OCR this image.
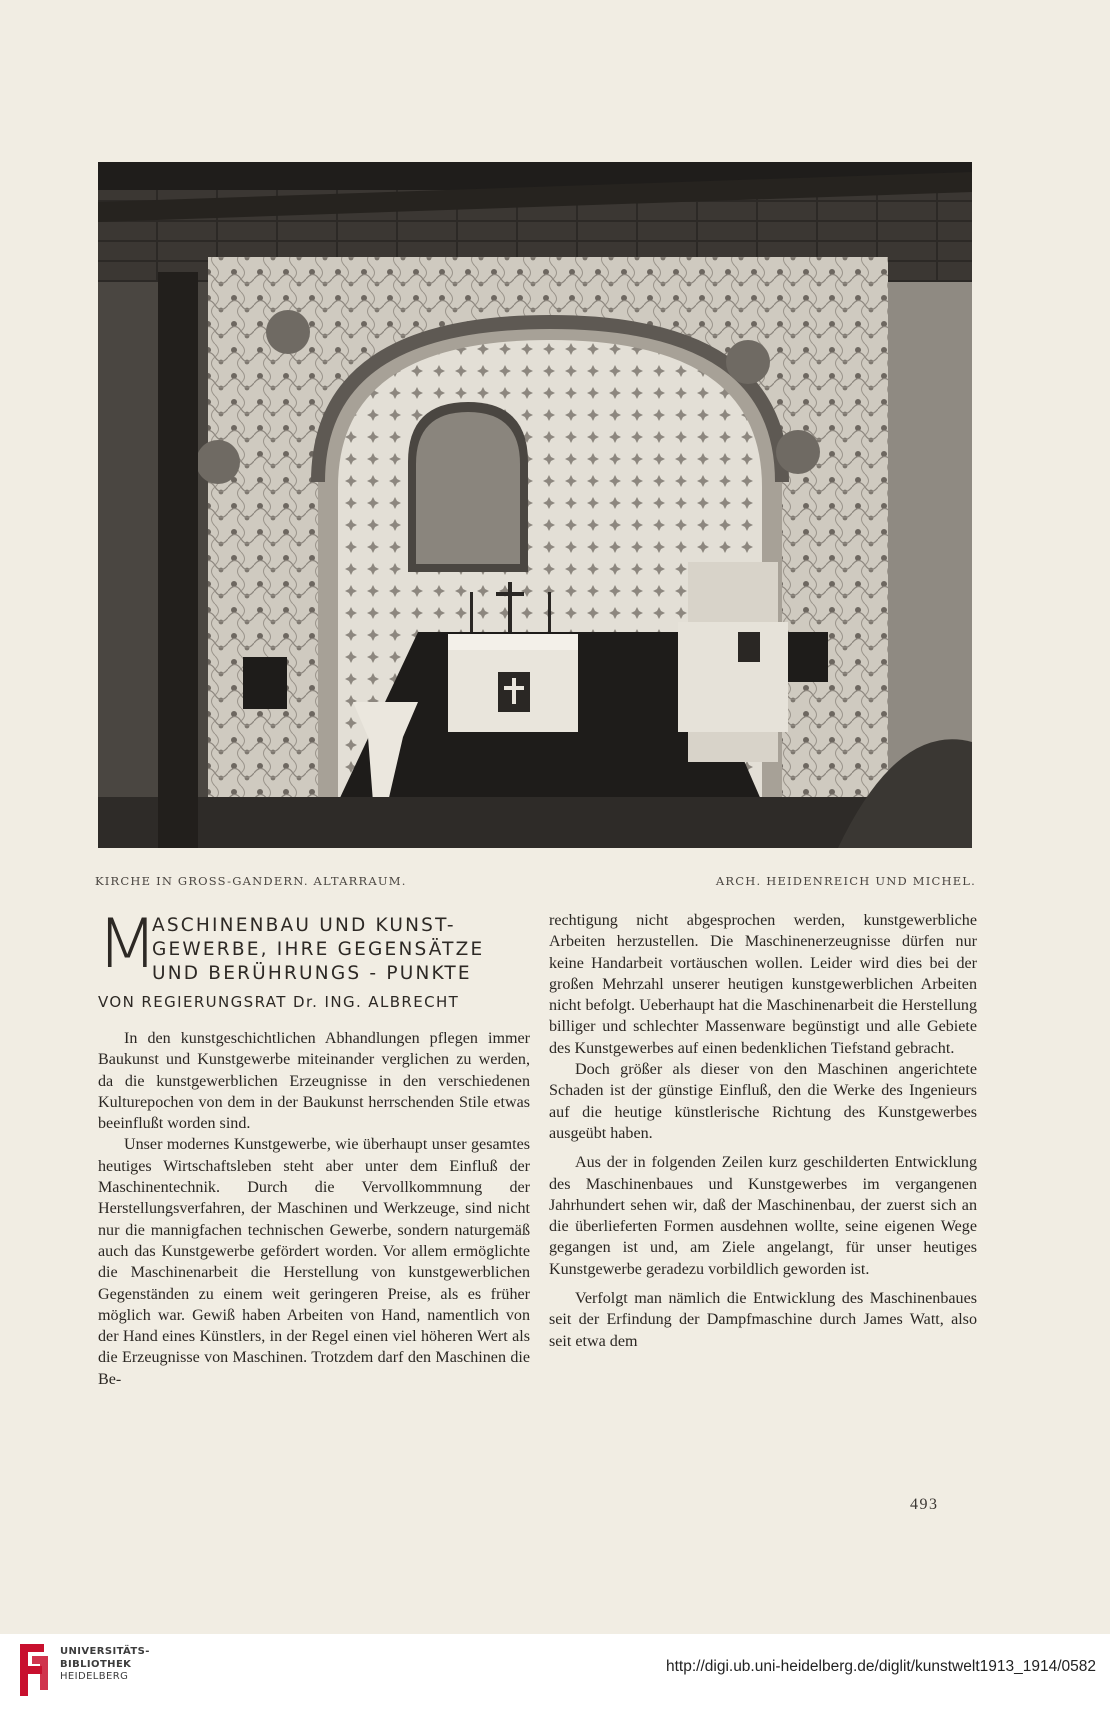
KIRCHE IN GROSS-GANDERN. ALTARRAUM.	ARCH. HEIDENREICH UND MICHEL.
M
ASCHINENBAU UND KUNST-
GEWERBE, IHRE GEGENSÄTZE
UND BERÜHRUNGS - PUNKTE
VON REGIERUNGSRAT Dr. ING. ALBRECHT

In den kunstgeschichtlichen Abhandlungen pflegen immer Baukunst und Kunstgewerbe miteinander verglichen zu werden, da die kunstgewerblichen Erzeugnisse in den verschiedenen Kulturepochen von dem in der Baukunst herrschenden Stile etwas beeinflußt worden sind.

Unser modernes Kunstgewerbe, wie überhaupt unser gesamtes heutiges Wirtschaftsleben steht aber unter dem Einfluß der Maschinentechnik. Durch die Vervollkommnung der Herstellungsverfahren, der Maschinen und Werkzeuge, sind nicht nur die mannigfachen technischen Gewerbe, sondern naturgemäß auch das Kunstgewerbe gefördert worden. Vor allem ermöglichte die Maschinenarbeit die Herstellung von kunstgewerblichen Gegenständen zu einem weit geringeren Preise, als es früher möglich war. Gewiß haben Arbeiten von Hand, namentlich von der Hand eines Künstlers, in der Regel einen viel höheren Wert als die Erzeugnisse von Maschinen. Trotzdem darf den Maschinen die Be-

rechtigung nicht abgesprochen werden, kunstgewerbliche Arbeiten herzustellen. Die Maschinenerzeugnisse dürfen nur keine Handarbeit vortäuschen wollen. Leider wird dies bei der großen Mehrzahl unserer heutigen kunstgewerblichen Arbeiten nicht befolgt. Ueberhaupt hat die Maschinenarbeit die Herstellung billiger und schlechter Massenware begünstigt und alle Gebiete des Kunstgewerbes auf einen bedenklichen Tiefstand gebracht.

Doch größer als dieser von den Maschinen angerichtete Schaden ist der günstige Einfluß, den die Werke des Ingenieurs auf die heutige künstlerische Richtung des Kunstgewerbes ausgeübt haben.

Aus der in folgenden Zeilen kurz geschilderten Entwicklung des Maschinenbaues und Kunstgewerbes im vergangenen Jahrhundert sehen wir, daß der Maschinenbau, der zuerst sich an die überlieferten Formen ausdehnen wollte, seine eigenen Wege gegangen ist und, am Ziele angelangt, für unser heutiges Kunstgewerbe geradezu vorbildlich geworden ist.

Verfolgt man nämlich die Entwicklung des Maschinenbaues seit der Erfindung der Dampfmaschine durch James Watt, also seit etwa dem

493
UNIVERSITÄTS-
BIBLIOTHEK
HEIDELBERG
http://digi.ub.uni-heidelberg.de/diglit/kunstwelt1913_1914/0582
